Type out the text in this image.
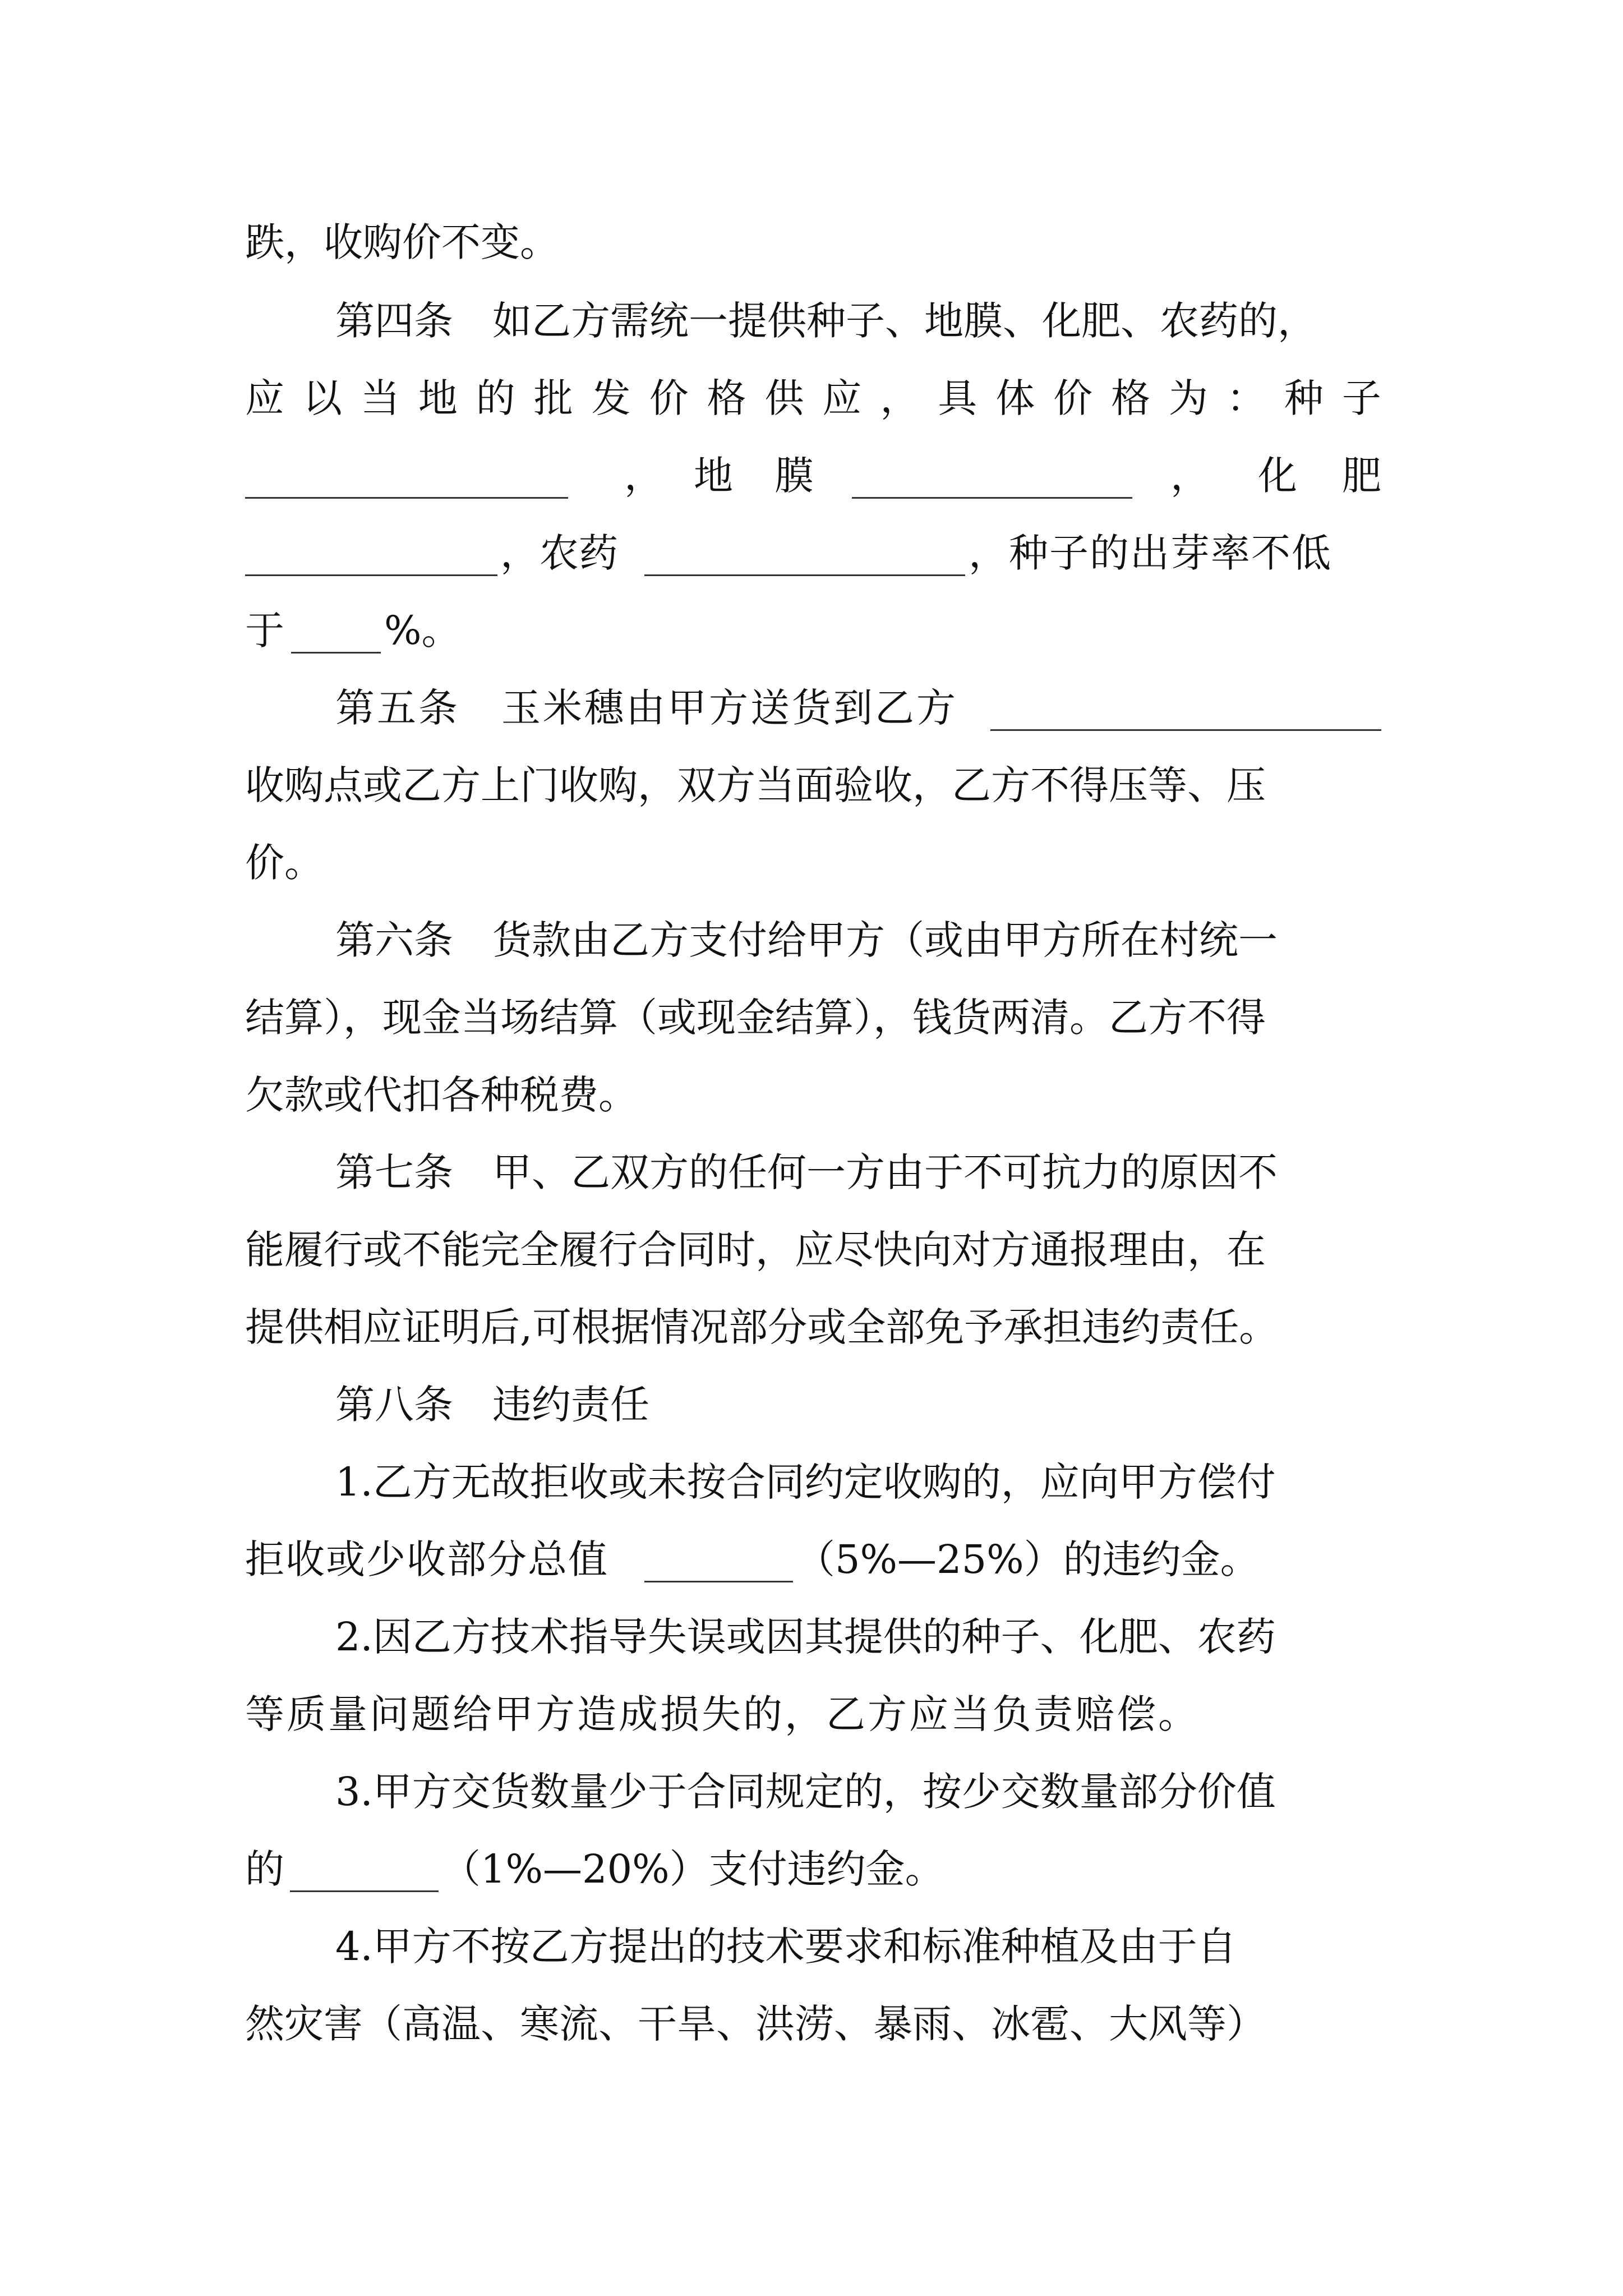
跌，收购价不变。
第四条　如乙方需统一提供种子、地膜、化肥、农药的，
应 以 当 地 的 批 发 价 格 供 应 ， 具 体 价 格 为 ： 种 子
， 地 膜	， 化 肥
，农药	，种子的出芽率不低
于	%。
第五条　玉米穗由甲方送货到乙方
收购点或乙方上门收购，双方当面验收，乙方不得压等、压
价。
第六条　货款由乙方支付给甲方（或由甲方所在村统一
结算），现金当场结算（或现金结算），钱货两清。乙方不得
欠款或代扣各种税费。
第七条　甲、乙双方的任何一方由于不可抗力的原因不
能履行或不能完全履行合同时，应尽快向对方通报理由，在
提供相应证明后,可根据情况部分或全部免予承担违约责任。
第八条　违约责任
1.乙方无故拒收或未按合同约定收购的，应向甲方偿付
拒收或少收部分总值	（5%—25%）的违约金。
2.因乙方技术指导失误或因其提供的种子、化肥、农药
等质量问题给甲方造成损失的，乙方应当负责赔偿。
3.甲方交货数量少于合同规定的，按少交数量部分价值
的	（1%—20%）支付违约金。
4.甲方不按乙方提出的技术要求和标准种植及由于自
然灾害（高温、寒流、干旱、洪涝、暴雨、冰雹、大风等）
